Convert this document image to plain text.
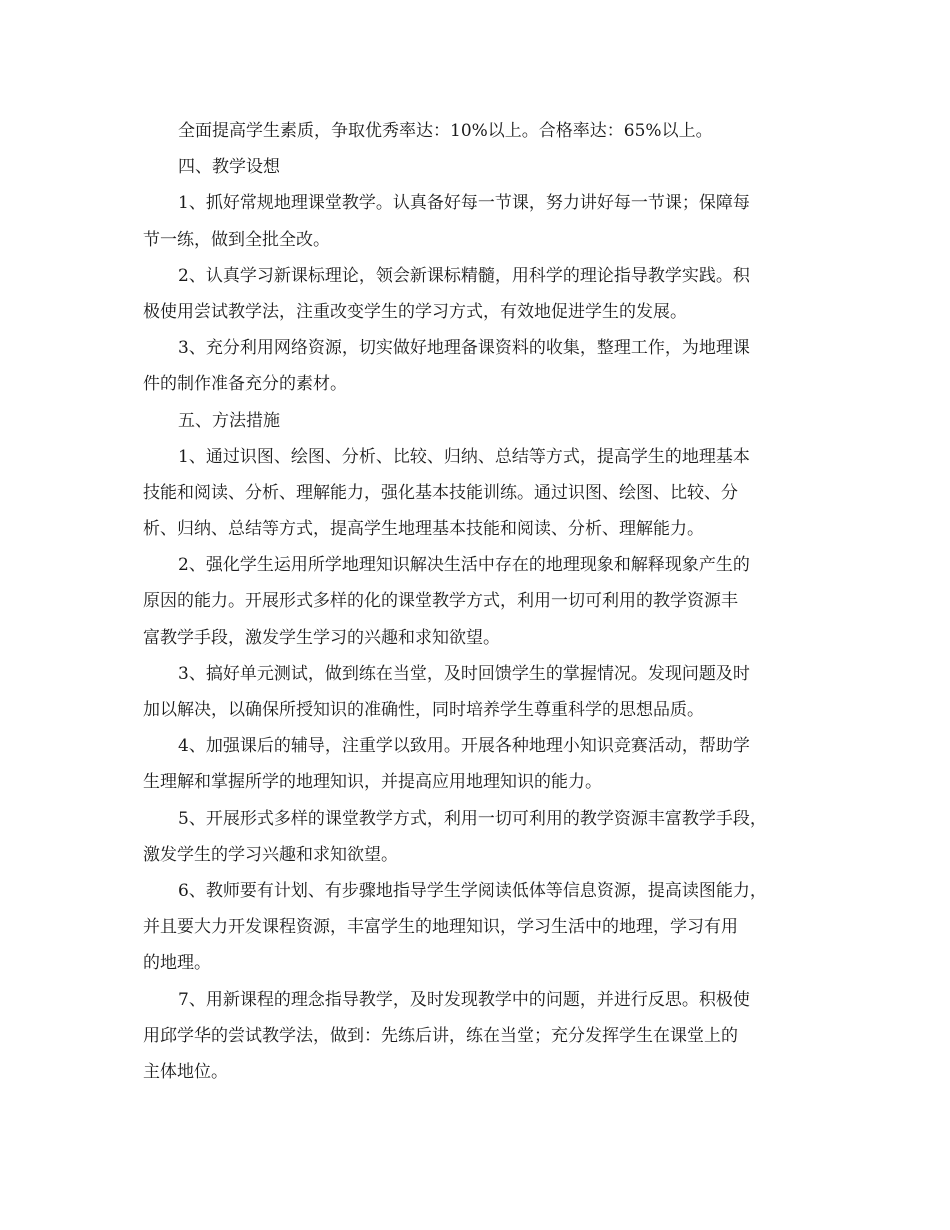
全面提高学生素质，争取优秀率达：10%以上。合格率达：65%以上。
四、教学设想
1、抓好常规地理课堂教学。认真备好每一节课，努力讲好每一节课；保障每
节一练，做到全批全改。
2、认真学习新课标理论，领会新课标精髓，用科学的理论指导教学实践。积
极使用尝试教学法，注重改变学生的学习方式，有效地促进学生的发展。
3、充分利用网络资源，切实做好地理备课资料的收集，整理工作，为地理课
件的制作准备充分的素材。
五、方法措施
1、通过识图、绘图、分析、比较、归纳、总结等方式，提高学生的地理基本
技能和阅读、分析、理解能力，强化基本技能训练。通过识图、绘图、比较、分
析、归纳、总结等方式，提高学生地理基本技能和阅读、分析、理解能力。
2、强化学生运用所学地理知识解决生活中存在的地理现象和解释现象产生的
原因的能力。开展形式多样的化的课堂教学方式，利用一切可利用的教学资源丰
富教学手段，激发学生学习的兴趣和求知欲望。
3、搞好单元测试，做到练在当堂，及时回馈学生的掌握情况。发现问题及时
加以解决，以确保所授知识的准确性，同时培养学生尊重科学的思想品质。
4、加强课后的辅导，注重学以致用。开展各种地理小知识竞赛活动，帮助学
生理解和掌握所学的地理知识，并提高应用地理知识的能力。
5、开展形式多样的课堂教学方式，利用一切可利用的教学资源丰富教学手段，
激发学生的学习兴趣和求知欲望。
6、教师要有计划、有步骤地指导学生学阅读低体等信息资源，提高读图能力，
并且要大力开发课程资源，丰富学生的地理知识，学习生活中的地理，学习有用
的地理。
7、用新课程的理念指导教学，及时发现教学中的问题，并进行反思。积极使
用邱学华的尝试教学法，做到：先练后讲，练在当堂；充分发挥学生在课堂上的
主体地位。
